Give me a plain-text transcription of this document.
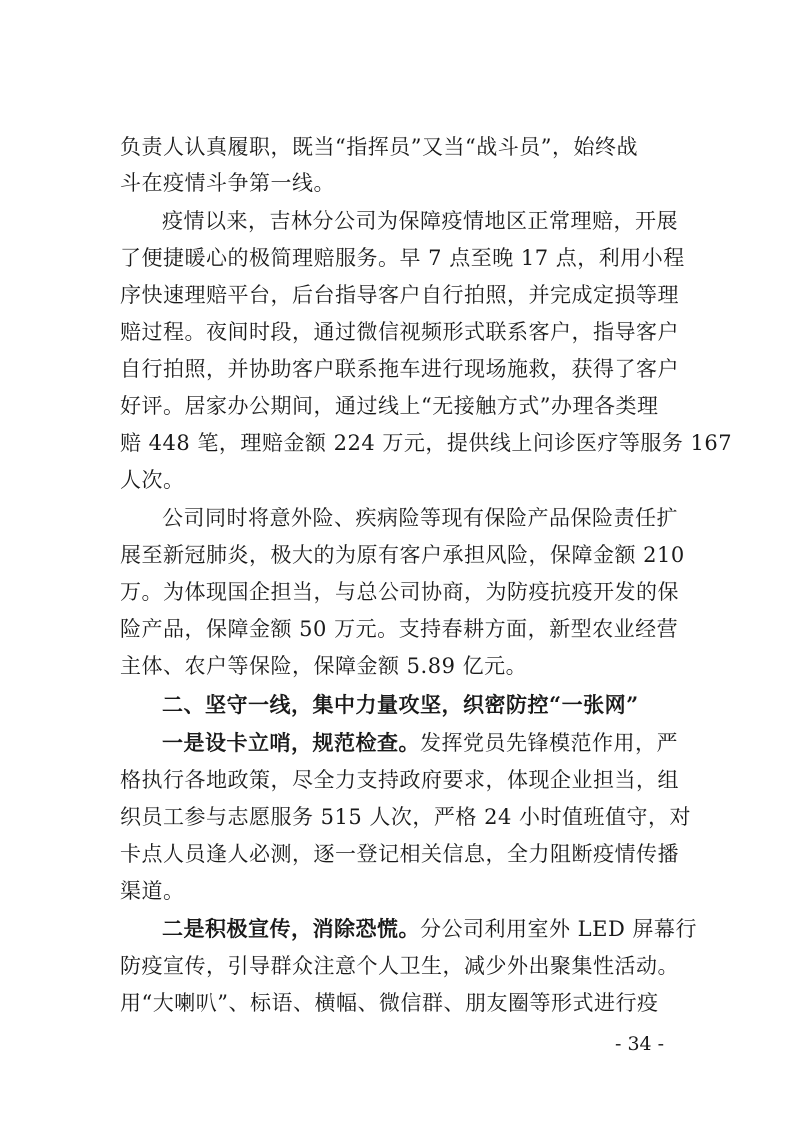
负责人认真履职，既当“指挥员”又当“战斗员”，始终战
斗在疫情斗争第一线。
疫情以来，吉林分公司为保障疫情地区正常理赔，开展
了便捷暖心的极简理赔服务。早 7 点至晚 17 点，利用小程
序快速理赔平台，后台指导客户自行拍照，并完成定损等理
赔过程。夜间时段，通过微信视频形式联系客户，指导客户
自行拍照，并协助客户联系拖车进行现场施救，获得了客户
好评。居家办公期间，通过线上“无接触方式”办理各类理
赔 448 笔，理赔金额 224 万元，提供线上问诊医疗等服务 167
人次。
公司同时将意外险、疾病险等现有保险产品保险责任扩
展至新冠肺炎，极大的为原有客户承担风险，保障金额 210
万。为体现国企担当，与总公司协商，为防疫抗疫开发的保
险产品，保障金额 50 万元。支持春耕方面，新型农业经营
主体、农户等保险，保障金额 5.89 亿元。
二、坚守一线，集中力量攻坚，织密防控“一张网”
一是设卡立哨，规范检查。发挥党员先锋模范作用，严
格执行各地政策，尽全力支持政府要求，体现企业担当，组
织员工参与志愿服务 515 人次，严格 24 小时值班值守，对
卡点人员逢人必测，逐一登记相关信息，全力阻断疫情传播
渠道。
二是积极宣传，消除恐慌。分公司利用室外 LED 屏幕行
防疫宣传，引导群众注意个人卫生，减少外出聚集性活动。
用“大喇叭”、标语、横幅、微信群、朋友圈等形式进行疫
- 34 -
